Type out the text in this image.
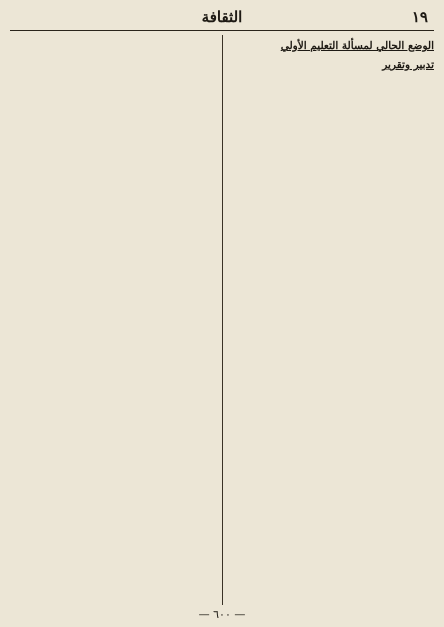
١٩
الثقافة

الوضع الحالي لمسألة التعليم الأولي

تدبير وتقرير

— ٦٠٠ —
